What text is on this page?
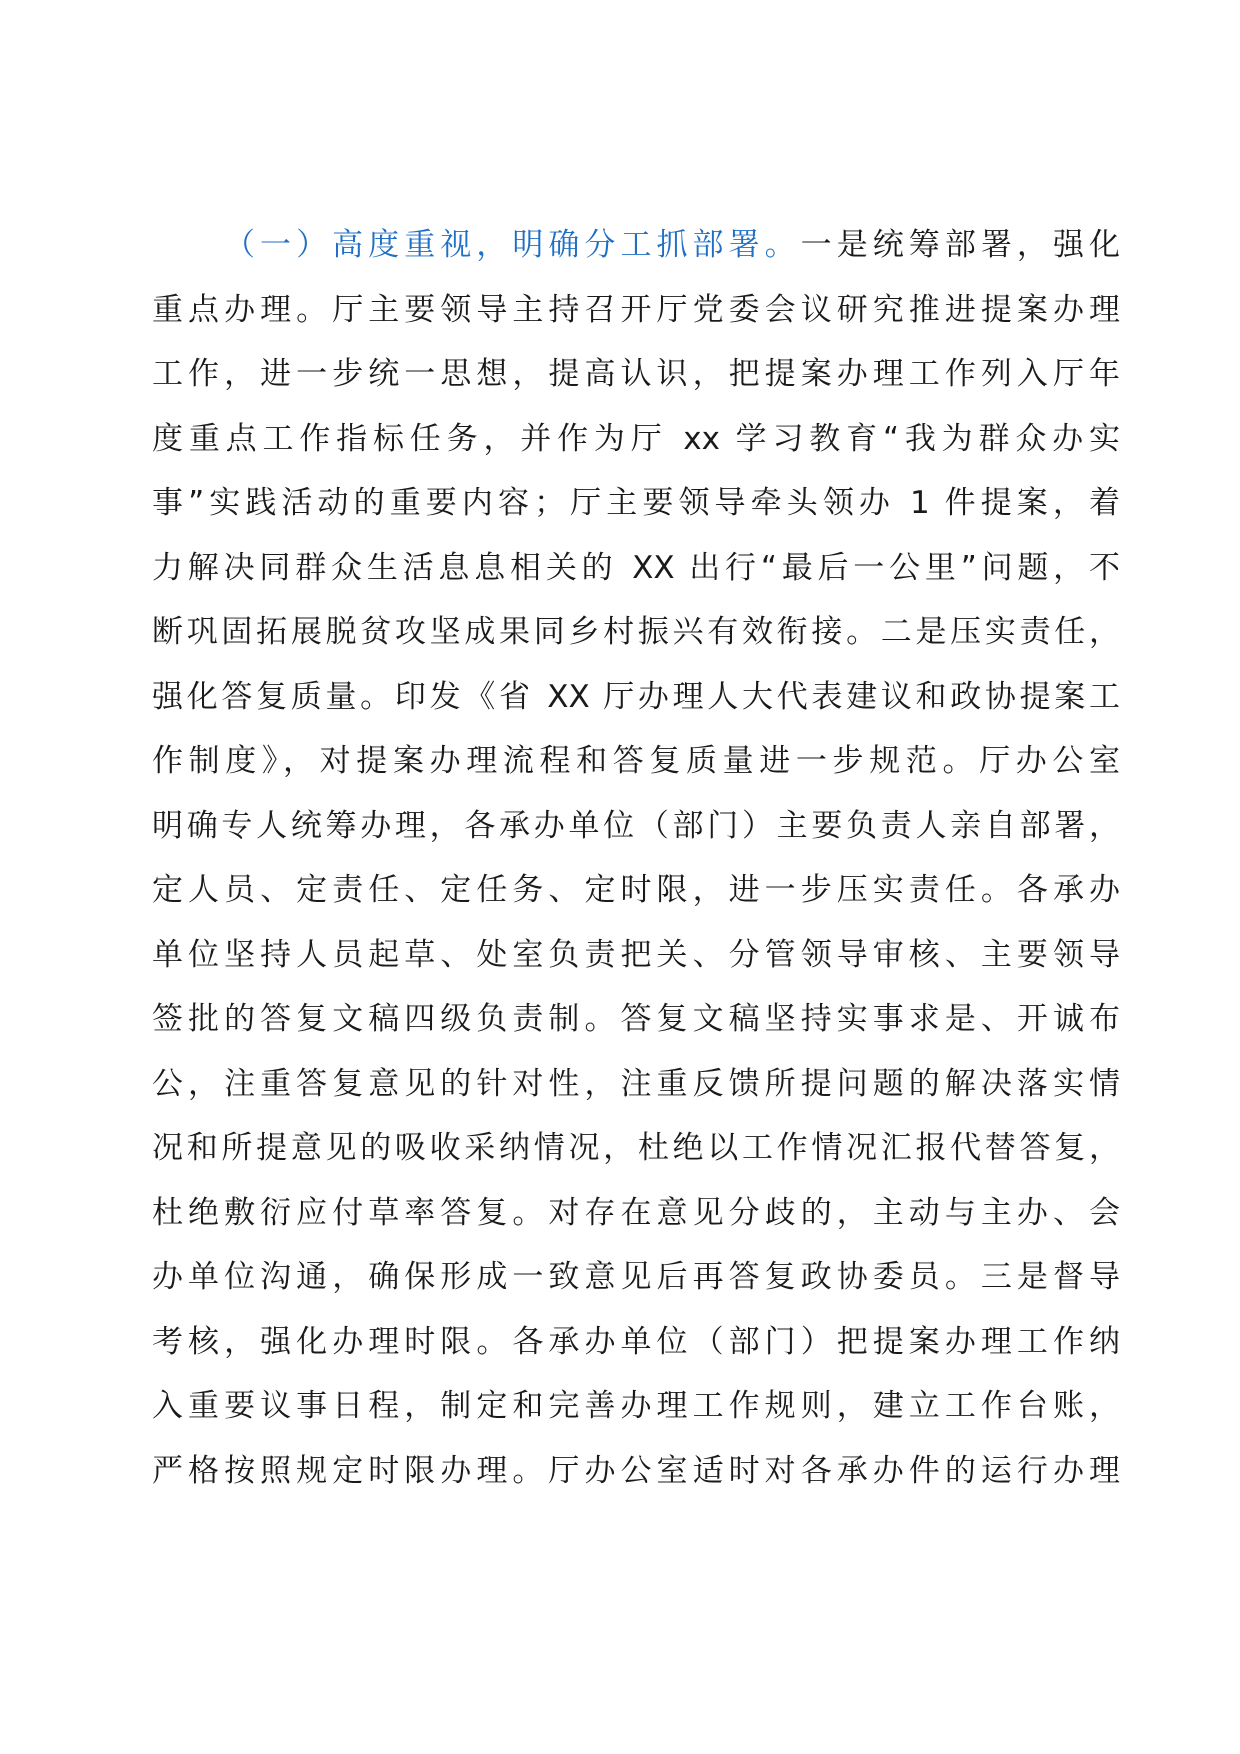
（一）高度重视，明确分工抓部署。一是统筹部署，强化
重点办理。厅主要领导主持召开厅党委会议研究推进提案办理
工作，进一步统一思想，提高认识，把提案办理工作列入厅年
度重点工作指标任务，并作为厅 xx 学习教育“我为群众办实
事”实践活动的重要内容；厅主要领导牵头领办 1 件提案，着
力解决同群众生活息息相关的 XX 出行“最后一公里”问题，不
断巩固拓展脱贫攻坚成果同乡村振兴有效衔接。二是压实责任，
强化答复质量。印发《省 XX 厅办理人大代表建议和政协提案工
作制度》，对提案办理流程和答复质量进一步规范。厅办公室
明确专人统筹办理，各承办单位（部门）主要负责人亲自部署，
定人员、定责任、定任务、定时限，进一步压实责任。各承办
单位坚持人员起草、处室负责把关、分管领导审核、主要领导
签批的答复文稿四级负责制。答复文稿坚持实事求是、开诚布
公，注重答复意见的针对性，注重反馈所提问题的解决落实情
况和所提意见的吸收采纳情况，杜绝以工作情况汇报代替答复，
杜绝敷衍应付草率答复。对存在意见分歧的，主动与主办、会
办单位沟通，确保形成一致意见后再答复政协委员。三是督导
考核，强化办理时限。各承办单位（部门）把提案办理工作纳
入重要议事日程，制定和完善办理工作规则，建立工作台账，
严格按照规定时限办理。厅办公室适时对各承办件的运行办理
